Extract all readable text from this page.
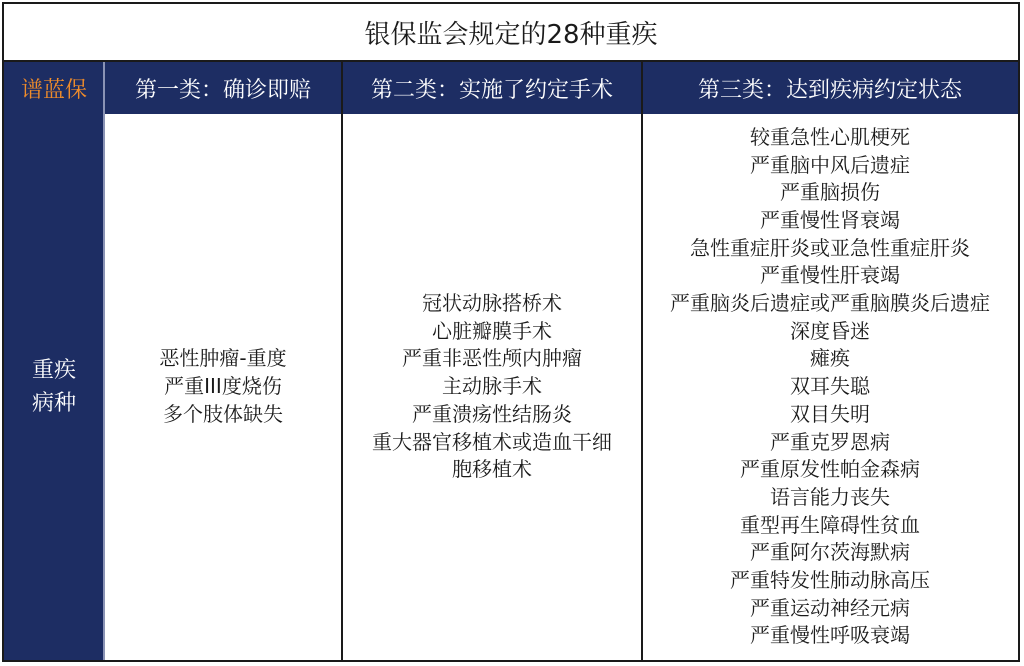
银保监会规定的28种重疾
谱蓝保 第一类：确诊即赔	第二类：实施了约定手术	第三类：达到疾病约定状态
重疾
病种
恶性肿瘤-重度
严重III度烧伤
多个肢体缺失
冠状动脉搭桥术
心脏瓣膜手术
严重非恶性颅内肿瘤
主动脉手术
严重溃疡性结肠炎
重大器官移植术或造血干细
胞移植术
较重急性心肌梗死
严重脑中风后遗症
严重脑损伤
严重慢性肾衰竭
急性重症肝炎或亚急性重症肝炎
严重慢性肝衰竭
严重脑炎后遗症或严重脑膜炎后遗症
深度昏迷
瘫痪
双耳失聪
双目失明
严重克罗恩病
严重原发性帕金森病
语言能力丧失
重型再生障碍性贫血
严重阿尔茨海默病
严重特发性肺动脉高压
严重运动神经元病
严重慢性呼吸衰竭
